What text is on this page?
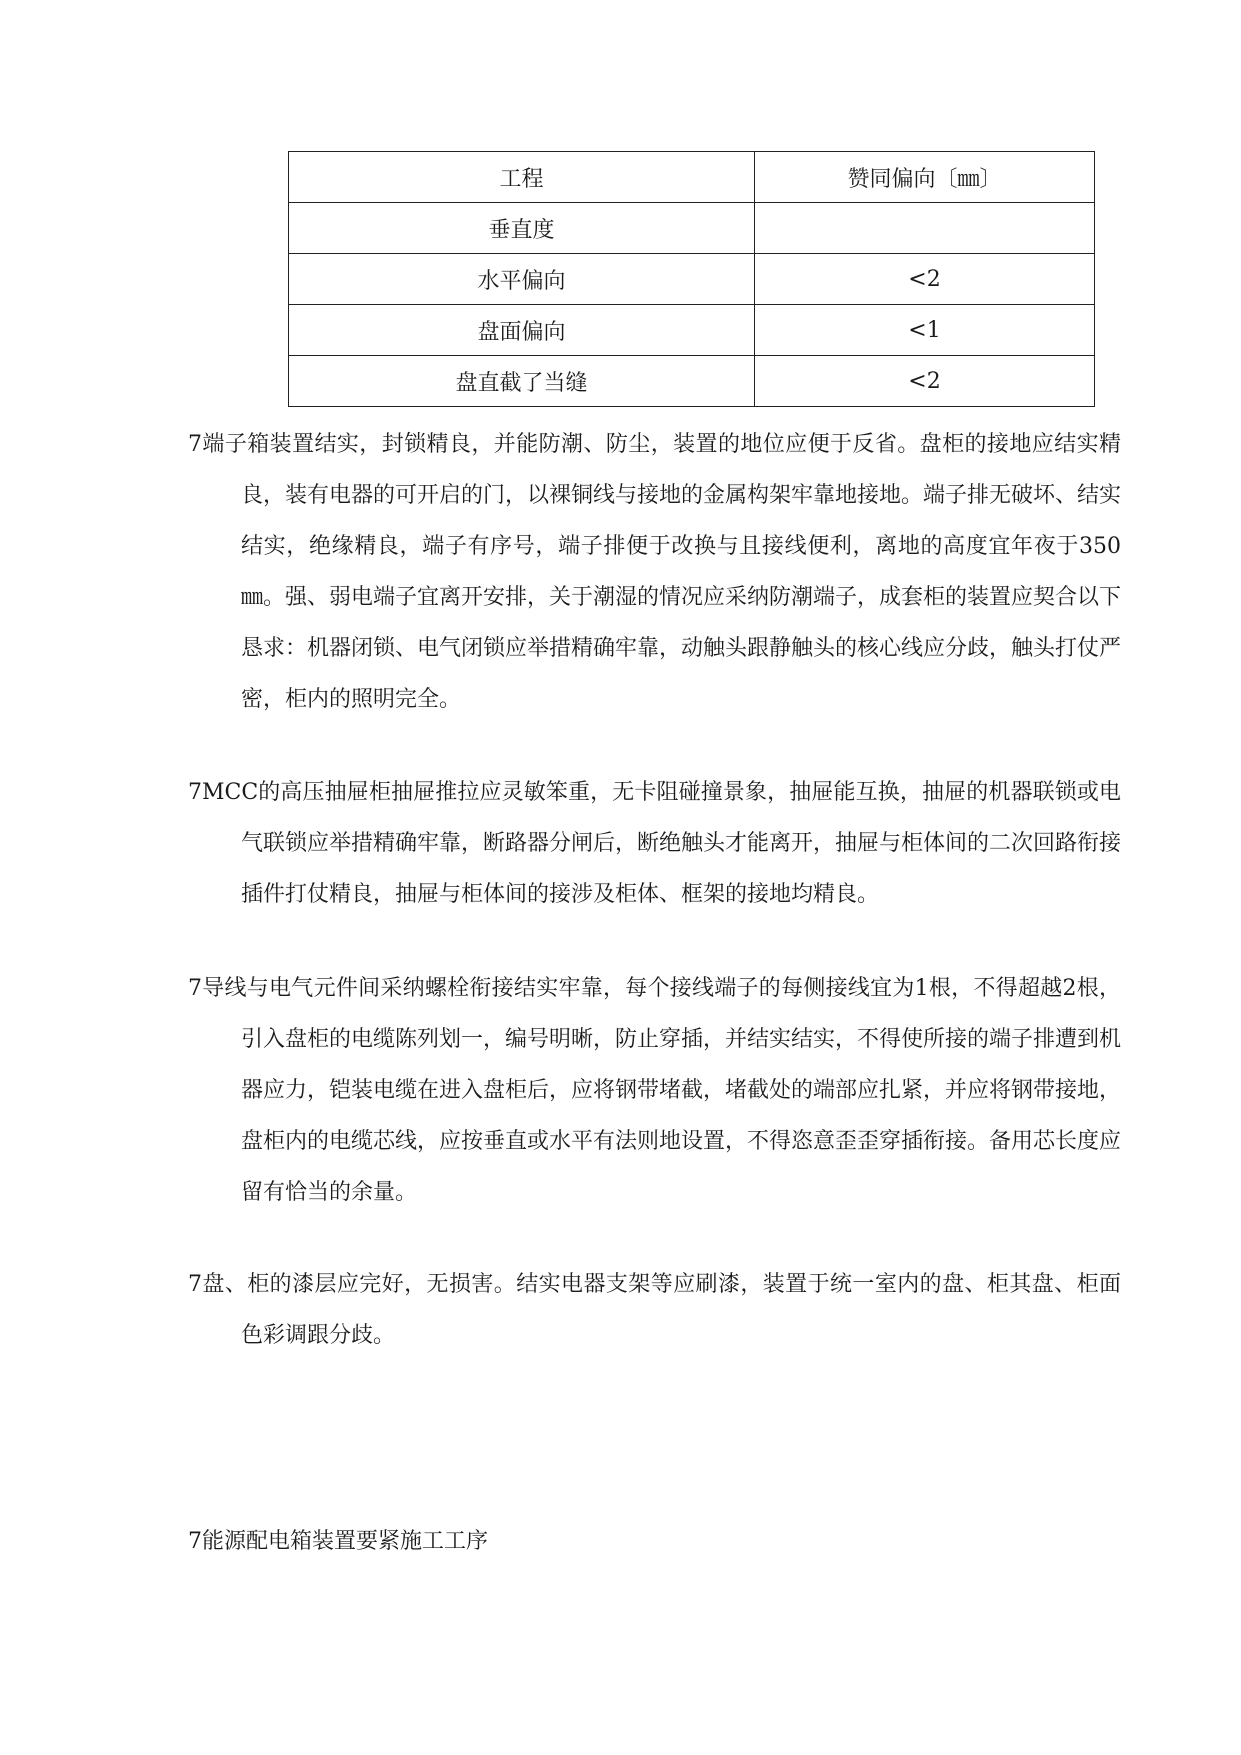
工程	赞同偏向〔㎜〕
垂直度	
水平偏向	<2
盘面偏向	<1
盘直截了当缝	<2

7端子箱装置结实，封锁精良，并能防潮、防尘，装置的地位应便于反省。盘柜的接地应结实精良，装有电器的可开启的门，以裸铜线与接地的金属构架牢靠地接地。端子排无破坏、结实结实，绝缘精良，端子有序号，端子排便于改换与且接线便利，离地的高度宜年夜于350㎜。强、弱电端子宜离开安排，关于潮湿的情况应采纳防潮端子，成套柜的装置应契合以下恳求：机器闭锁、电气闭锁应举措精确牢靠，动触头跟静触头的核心线应分歧，触头打仗严密，柜内的照明完全。

7MCC的高压抽屉柜抽屉推拉应灵敏笨重，无卡阻碰撞景象，抽屉能互换，抽屉的机器联锁或电气联锁应举措精确牢靠，断路器分闸后，断绝触头才能离开，抽屉与柜体间的二次回路衔接插件打仗精良，抽屉与柜体间的接涉及柜体、框架的接地均精良。

7导线与电气元件间采纳螺栓衔接结实牢靠，每个接线端子的每侧接线宜为1根，不得超越2根，引入盘柜的电缆陈列划一，编号明晰，防止穿插，并结实结实，不得使所接的端子排遭到机器应力，铠装电缆在进入盘柜后，应将钢带堵截，堵截处的端部应扎紧，并应将钢带接地，盘柜内的电缆芯线，应按垂直或水平有法则地设置，不得恣意歪歪穿插衔接。备用芯长度应留有恰当的余量。

7盘、柜的漆层应完好，无损害。结实电器支架等应刷漆，装置于统一室内的盘、柜其盘、柜面色彩调跟分歧。

7能源配电箱装置要紧施工工序
